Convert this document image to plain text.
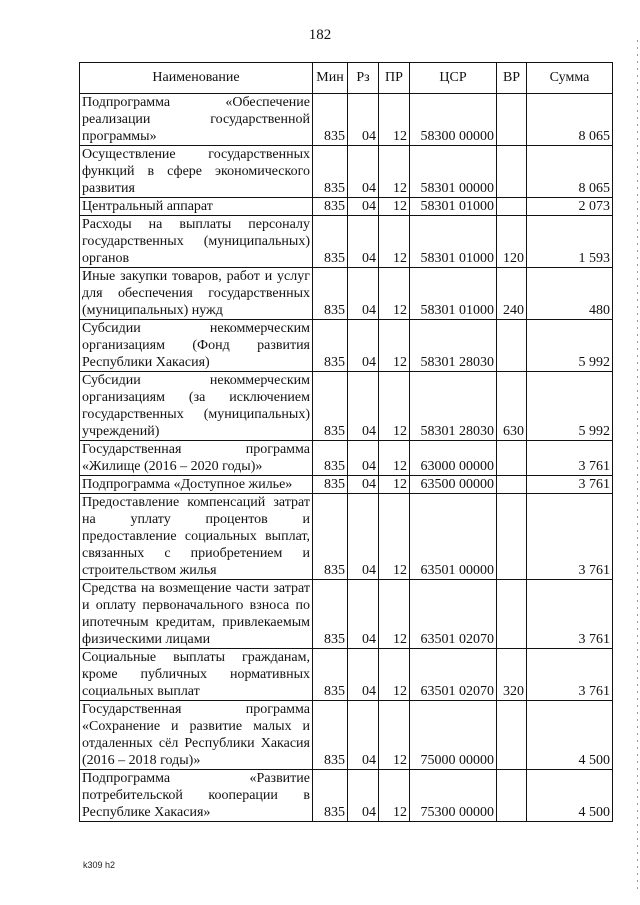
182
Наименование	Мин	Рз	ПР	ЦСР	ВР	Сумма
Подпрограмма «Обеспечение реализации государственной программы»	835	04	12	58300 00000		8 065
Осуществление государственных функций в сфере экономического развития	835	04	12	58301 00000		8 065
Центральный аппарат	835	04	12	58301 01000		2 073
Расходы на выплаты персоналу государственных (муниципальных) органов	835	04	12	58301 01000	120	1 593
Иные закупки товаров, работ и услуг для обеспечения государственных (муниципальных) нужд	835	04	12	58301 01000	240	480
Субсидии некоммерческим организациям (Фонд развития Республики Хакасия)	835	04	12	58301 28030		5 992
Субсидии некоммерческим организациям (за исключением государственных (муниципальных) учреждений)	835	04	12	58301 28030	630	5 992
Государственная программа «Жилище (2016 – 2020 годы)»	835	04	12	63000 00000		3 761
Подпрограмма «Доступное жилье»	835	04	12	63500 00000		3 761
Предоставление компенсаций затрат на уплату процентов и предоставление социальных выплат, связанных с приобретением и строительством жилья	835	04	12	63501 00000		3 761
Средства на возмещение части затрат и оплату первоначального взноса по ипотечным кредитам, привлекаемым физическими лицами	835	04	12	63501 02070		3 761
Социальные выплаты гражданам, кроме публичных нормативных социальных выплат	835	04	12	63501 02070	320	3 761
Государственная программа «Сохранение и развитие малых и отдаленных сёл Республики Хакасия (2016 – 2018 годы)»	835	04	12	75000 00000		4 500
Подпрограмма «Развитие потребительской кооперации в Республике Хакасия»	835	04	12	75300 00000		4 500
k309 h2
